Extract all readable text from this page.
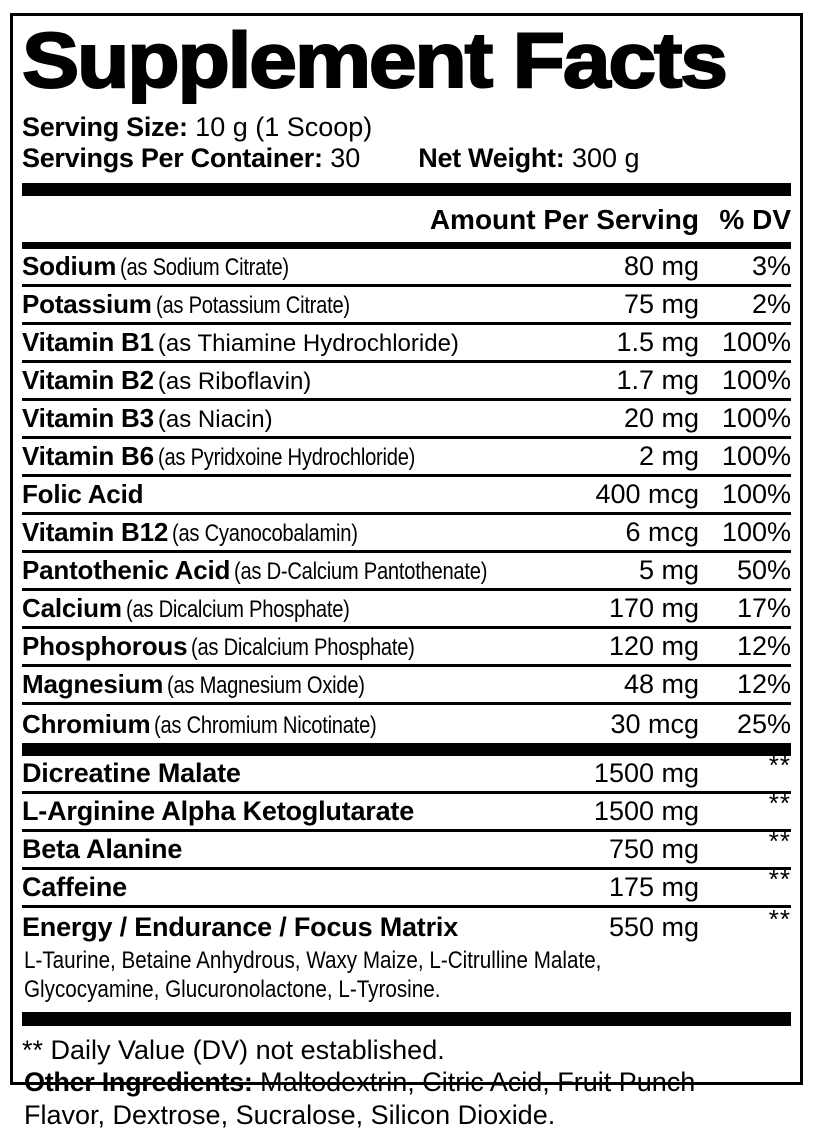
Supplement Facts
Serving Size: 10 g (1 Scoop)
Servings Per Container: 30 Net Weight: 300 g
Amount Per Serving % DV
Sodium (as Sodium Citrate)	80 mg	3%
Potassium (as Potassium Citrate)	75 mg	2%
Vitamin B1 (as Thiamine Hydrochloride)	1.5 mg 100%
Vitamin B2 (as Riboflavin)	1.7 mg 100%
Vitamin B3 (as Niacin)	20 mg 100%
Vitamin B6 (as Pyridxoine Hydrochloride)	2 mg 100%
Folic Acid	400 mcg 100%
Vitamin B12 (as Cyanocobalamin)	6 mcg 100%
Pantothenic Acid (as D-Calcium Pantothenate)	5 mg	50%
Calcium (as Dicalcium Phosphate)	170 mg	17%
Phosphorous (as Dicalcium Phosphate)	120 mg	12%
Magnesium (as Magnesium Oxide)	48 mg	12%
Chromium (as Chromium Nicotinate)	30 mcg	25%
Dicreatine Malate	1500 mg	**
L-Arginine Alpha Ketoglutarate	1500 mg	**
Beta Alanine	750 mg	**
Caffeine	175 mg	**
Energy / Endurance / Focus Matrix	550 mg	**
L-Taurine, Betaine Anhydrous, Waxy Maize, L-Citrulline Malate,
Glycocyamine, Glucuronolactone, L-Tyrosine.
** Daily Value (DV) not established.

Other Ingredients: Maltodextrin, Citric Acid, Fruit Punch Flavor, Dextrose, Sucralose, Silicon Dioxide.
